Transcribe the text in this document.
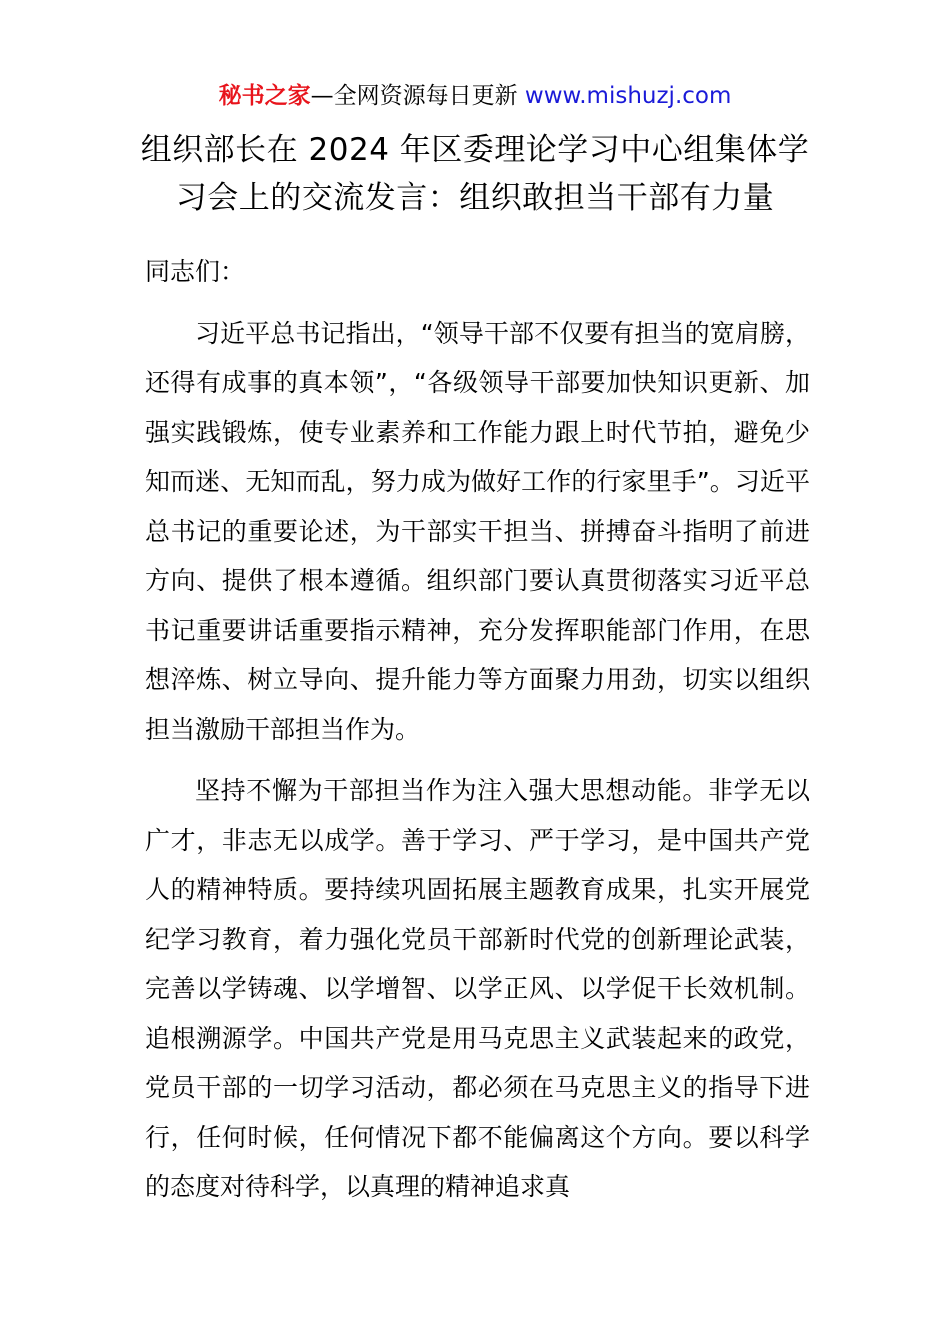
秘书之家—全网资源每日更新 www.mishuzj.com
组织部长在 2024 年区委理论学习中心组集体学
习会上的交流发言：组织敢担当干部有力量

同志们：

习近平总书记指出，“领导干部不仅要有担当的宽肩膀，还得有成事的真本领”，“各级领导干部要加快知识更新、加强实践锻炼，使专业素养和工作能力跟上时代节拍，避免少知而迷、无知而乱，努力成为做好工作的行家里手”。习近平总书记的重要论述，为干部实干担当、拼搏奋斗指明了前进方向、提供了根本遵循。组织部门要认真贯彻落实习近平总书记重要讲话重要指示精神，充分发挥职能部门作用，在思想淬炼、树立导向、提升能力等方面聚力用劲，切实以组织担当激励干部担当作为。

坚持不懈为干部担当作为注入强大思想动能。非学无以广才，非志无以成学。善于学习、严于学习，是中国共产党人的精神特质。要持续巩固拓展主题教育成果，扎实开展党纪学习教育，着力强化党员干部新时代党的创新理论武装，完善以学铸魂、以学增智、以学正风、以学促干长效机制。追根溯源学。中国共产党是用马克思主义武装起来的政党，党员干部的一切学习活动，都必须在马克思主义的指导下进行，任何时候，任何情况下都不能偏离这个方向。要以科学的态度对待科学，以真理的精神追求真
